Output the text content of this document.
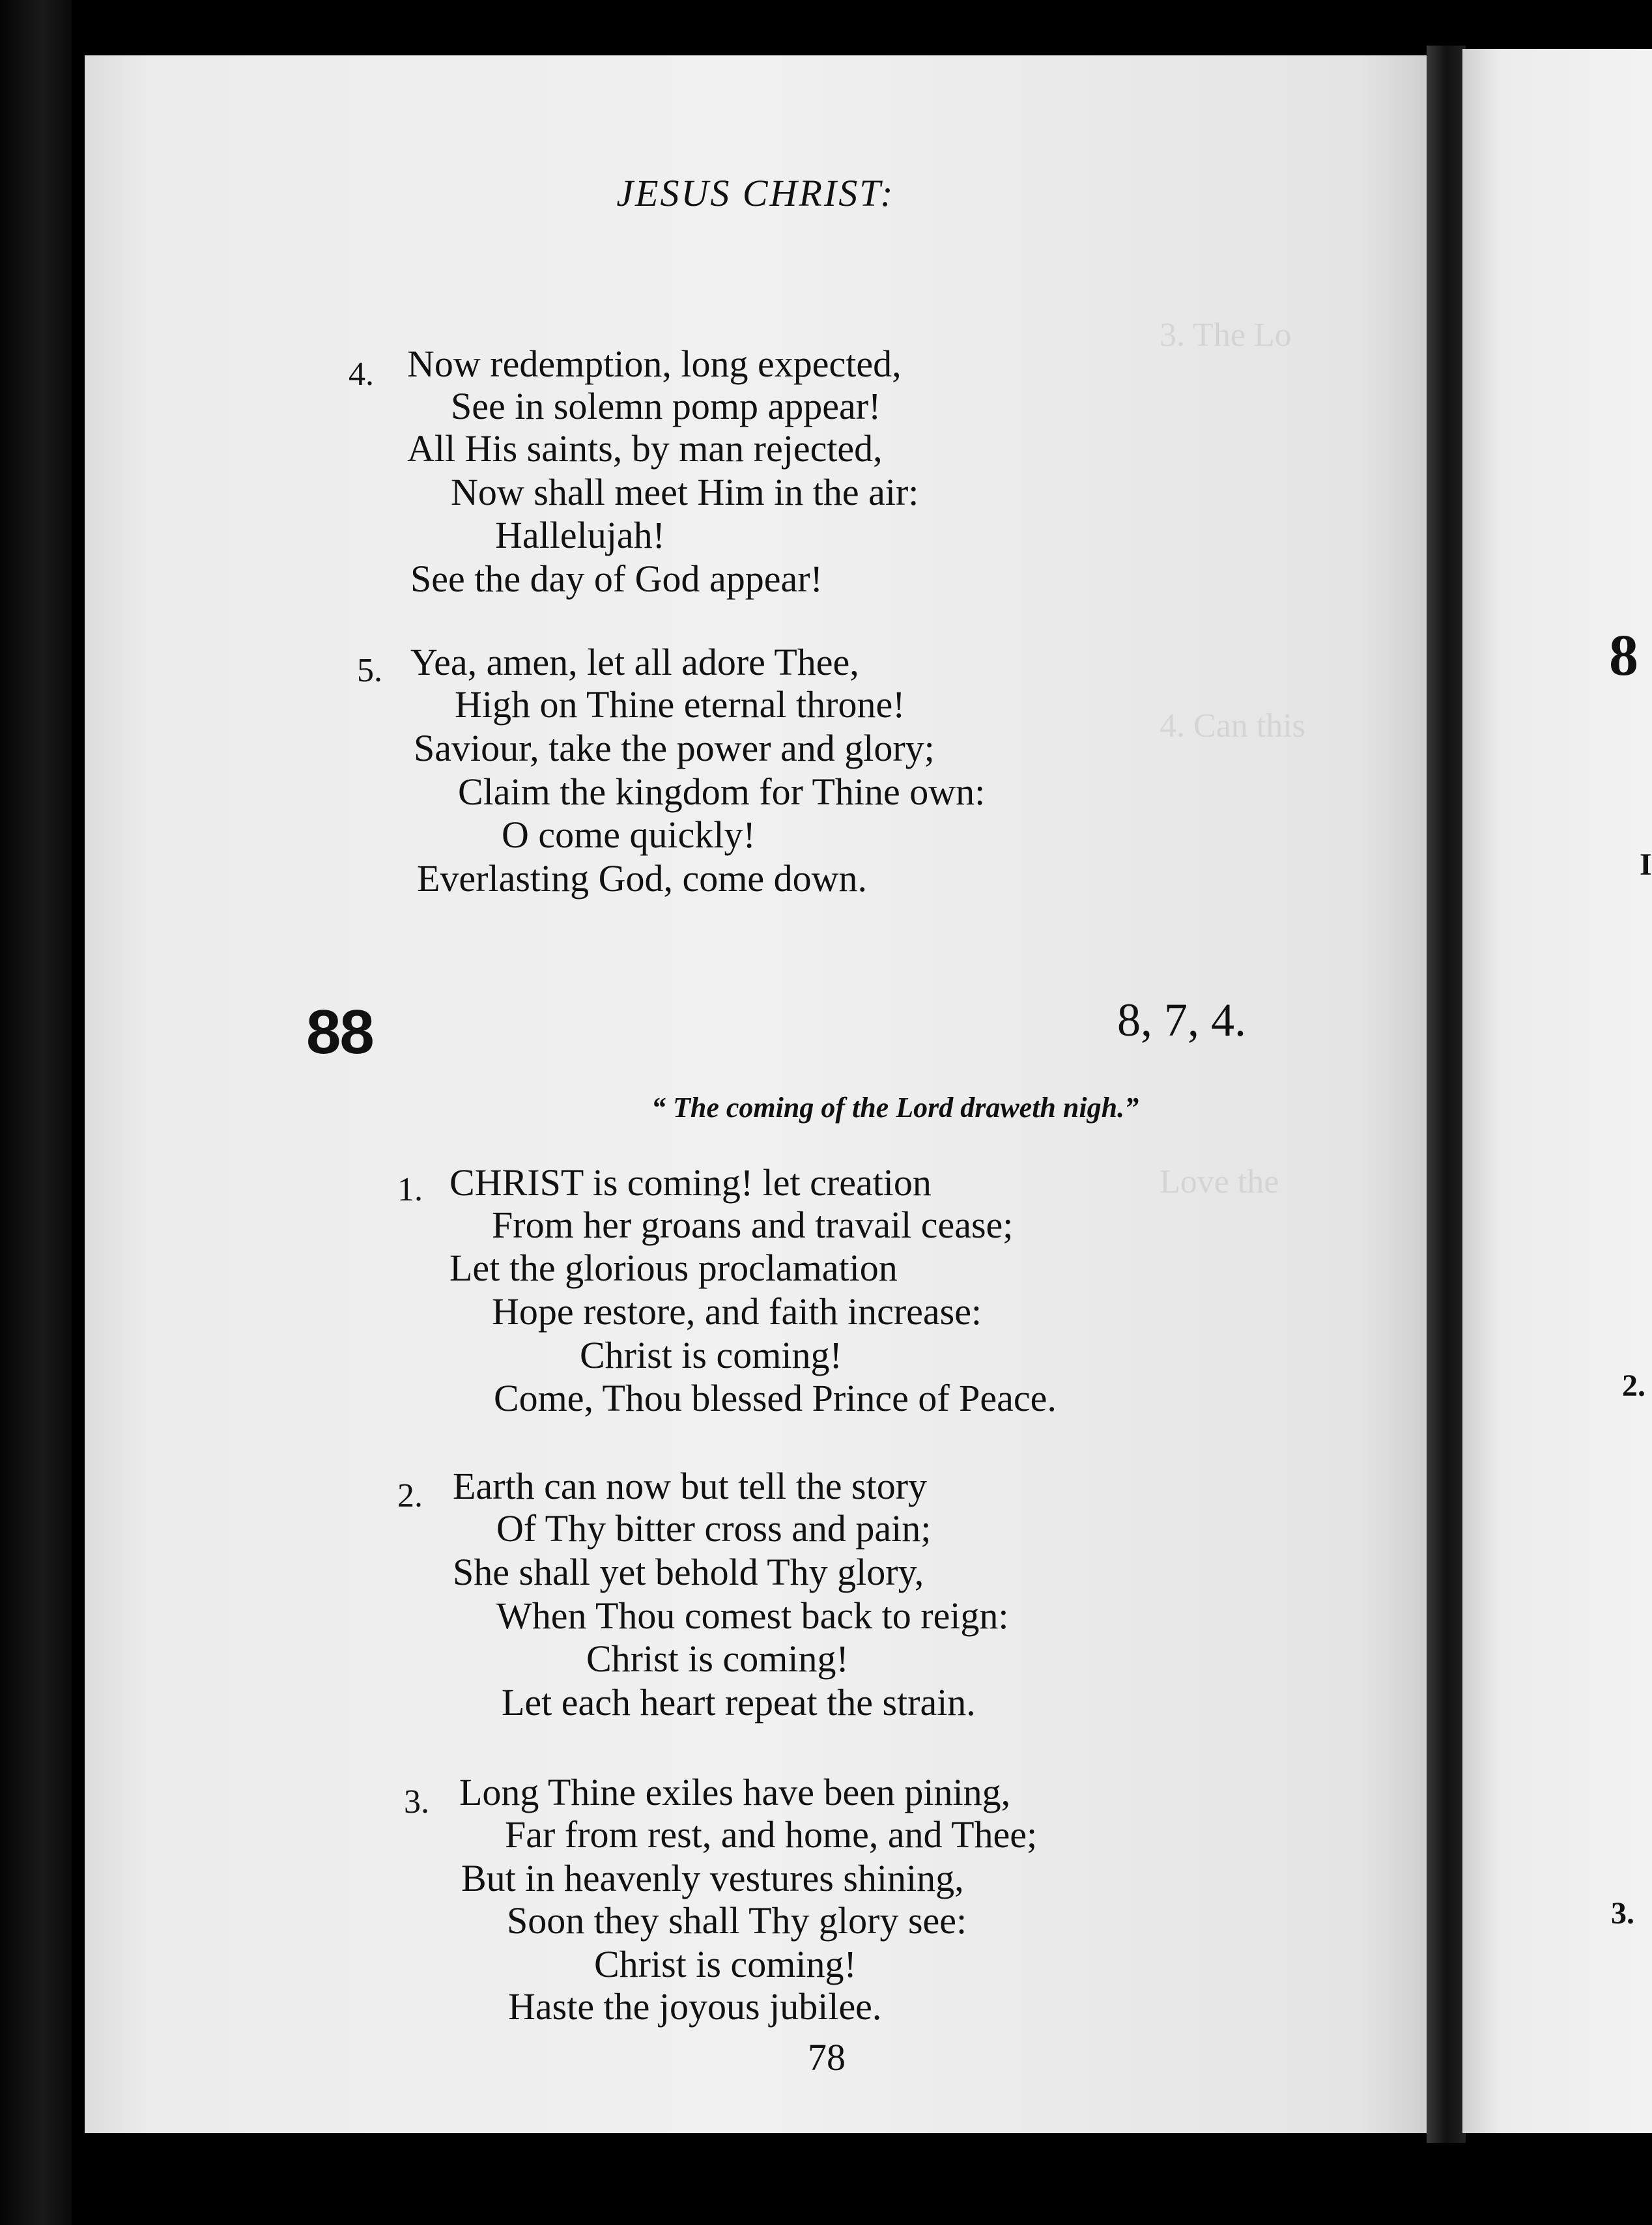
3. The Lo
4. Can this
Love the
JESUS CHRIST:
4. Now redemption, long expected,
See in solemn pomp appear!
All His saints, by man rejected,
Now shall meet Him in the air:
Hallelujah!
See the day of God appear!
5. Yea, amen, let all adore Thee,
High on Thine eternal throne!
Saviour, take the power and glory;
Claim the kingdom for Thine own:
O come quickly!
Everlasting God, come down.
88	8, 7, 4.
“ The coming of the Lord draweth nigh.”
1. CHRIST is coming! let creation
From her groans and travail cease;
Let the glorious proclamation
Hope restore, and faith increase:
Christ is coming!
Come, Thou blessed Prince of Peace.
2. Earth can now but tell the story
Of Thy bitter cross and pain;
She shall yet behold Thy glory,
When Thou comest back to reign:
Christ is coming!
Let each heart repeat the strain.
3. Long Thine exiles have been pining,
Far from rest, and home, and Thee;
But in heavenly vestures shining,
Soon they shall Thy glory see:
Christ is coming!
Haste the joyous jubilee.
78
8
I
2.
3.
